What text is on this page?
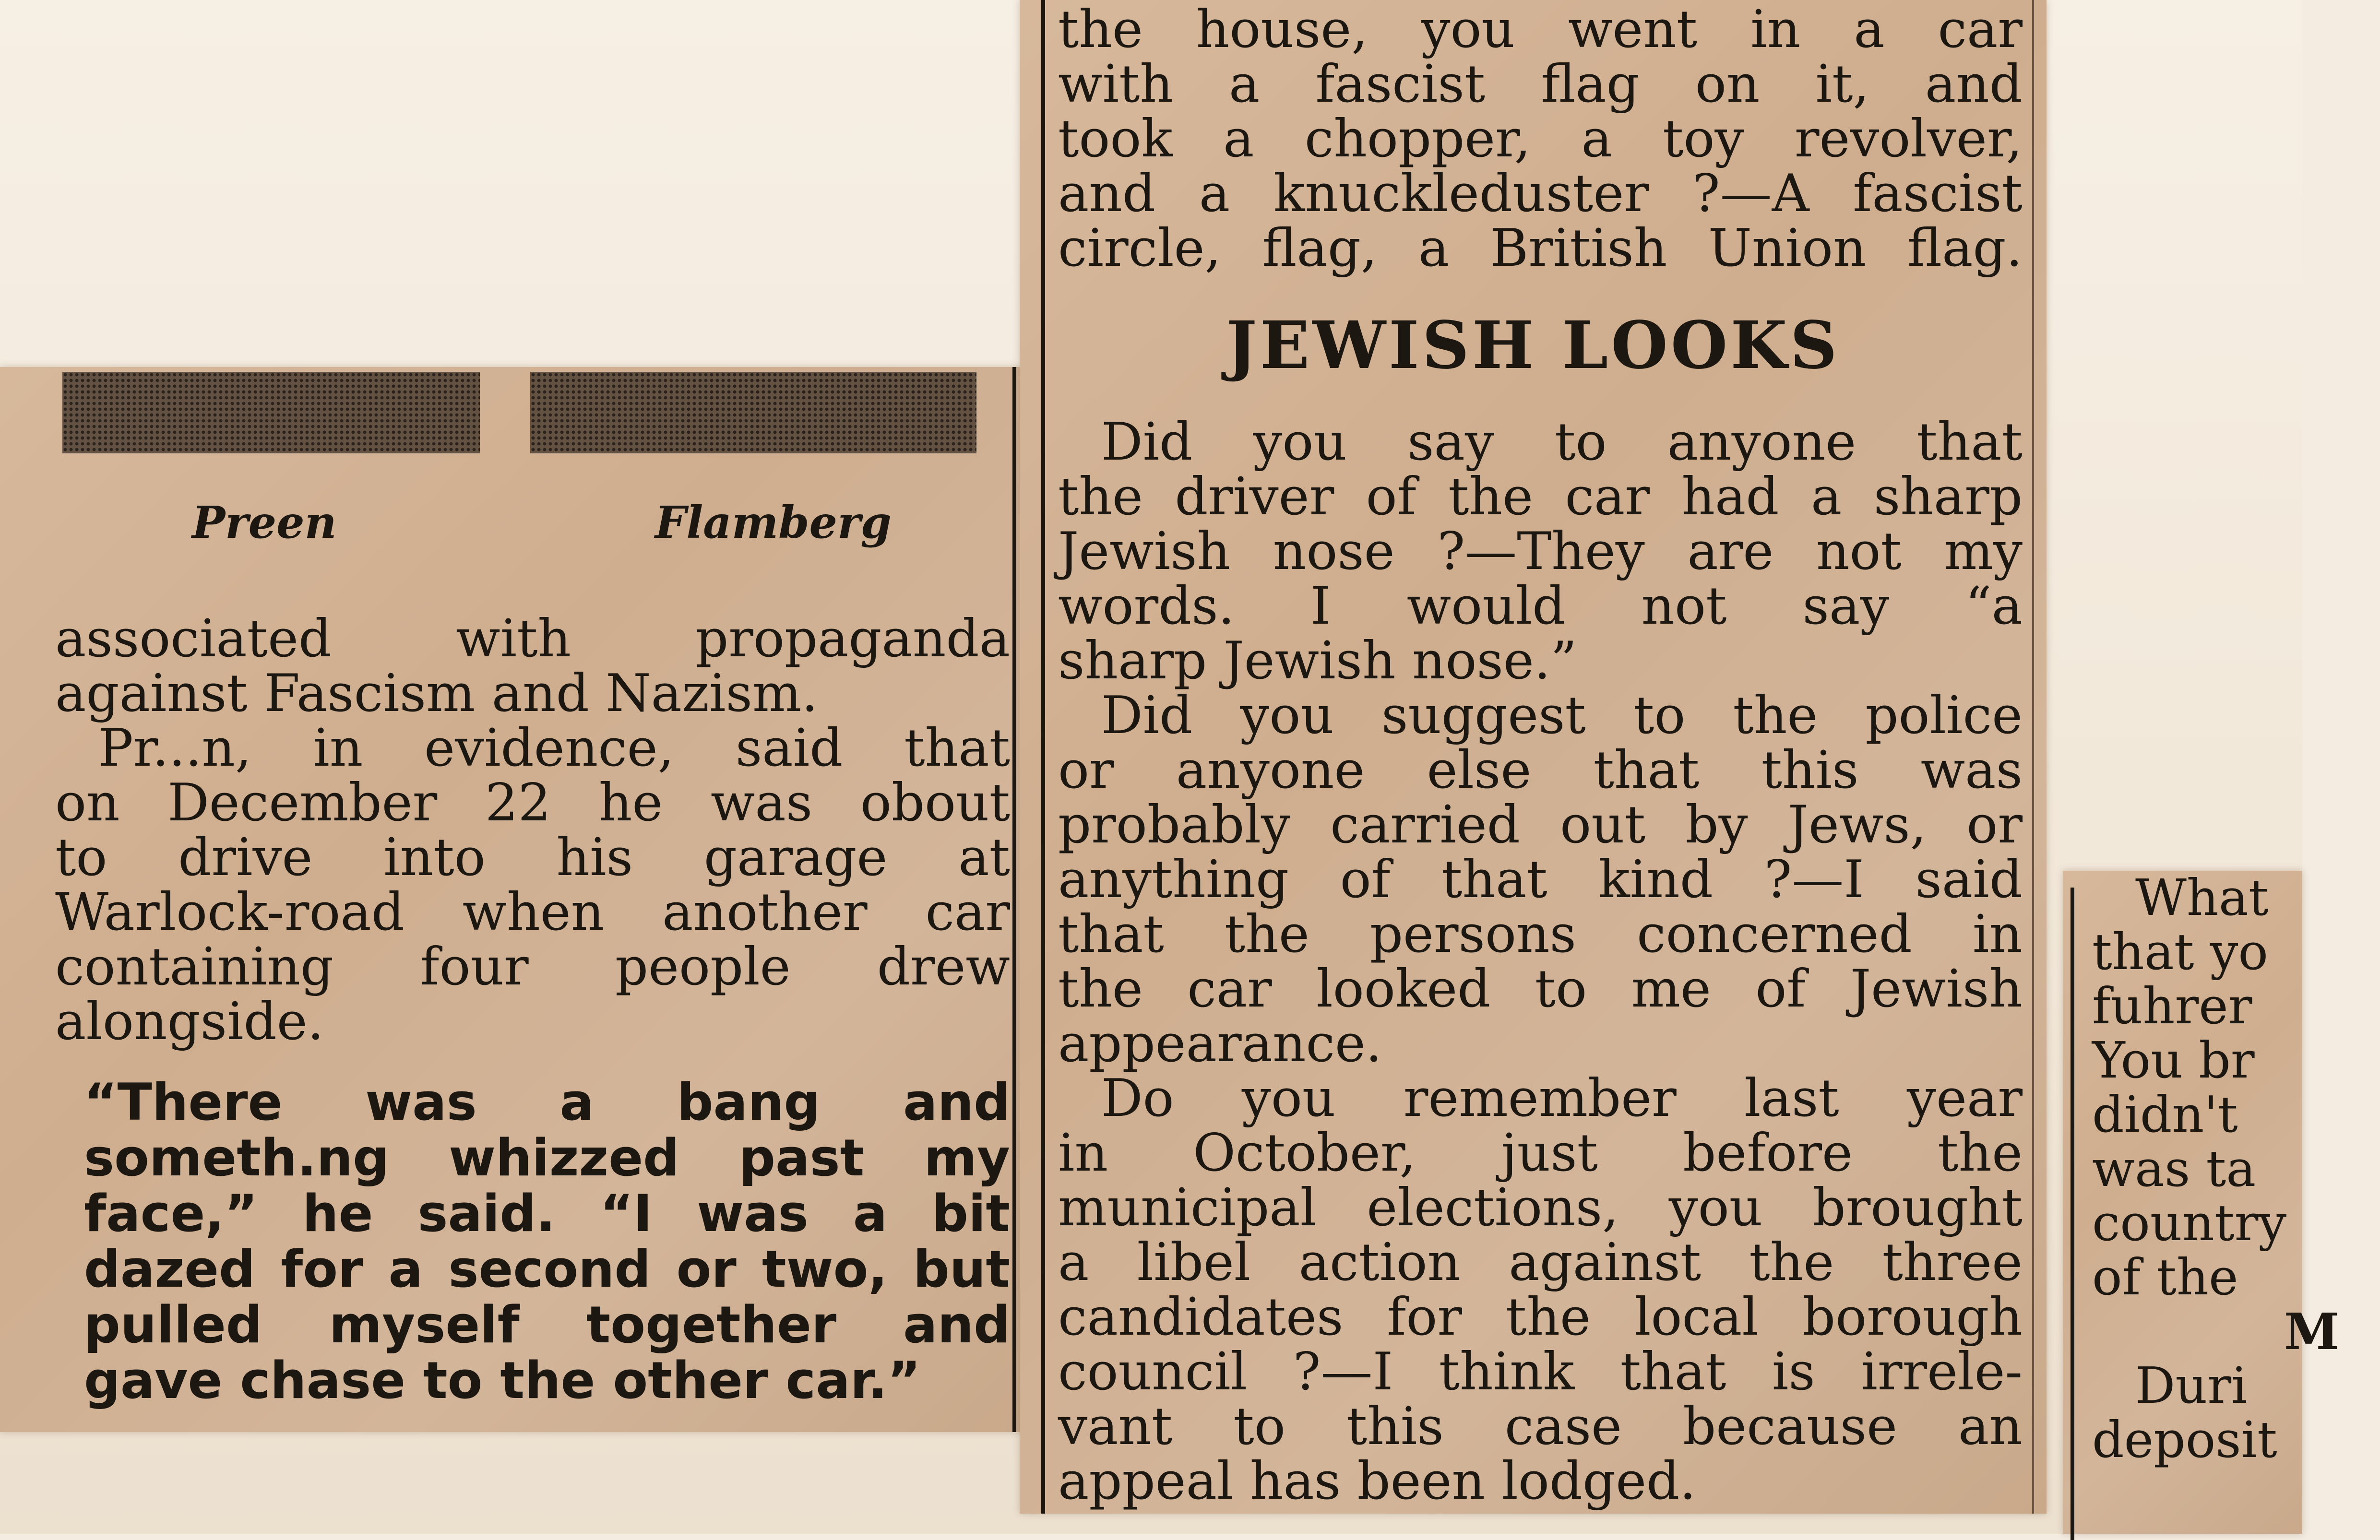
Preen	Flamberg
associated with propaganda
against Fascism and Nazism.
Pr...n, in evidence, said that
on December 22 he was obout
to drive into his garage at
Warlock-road when another car
containing four people drew
alongside.
“There was a bang and
someth.ng whizzed past my
face,” he said. “I was a bit
dazed for a second or two, but
pulled myself together and
gave chase to the other car.”
the house, you went in a car
with a fascist flag on it, and
took a chopper, a toy revolver,
and a knuckleduster ?—A fascist
circle, flag, a British Union flag.
JEWISH LOOKS
Did you say to anyone that
the driver of the car had a sharp
Jewish nose ?—They are not my
words. I would not say “a
sharp Jewish nose.”
Did you suggest to the police
or anyone else that this was
probably carried out by Jews, or
anything of that kind ?—I said
that the persons concerned in
the car looked to me of Jewish
appearance.
Do you remember last year
in October, just before the
municipal elections, you brought
a libel action against the three
candidates for the local borough
council ?—I think that is irrele-
vant to this case because an
appeal has been lodged.
What
that yo
fuhrer
You br
didn't
was ta
country
of the
M
Duri
deposit
